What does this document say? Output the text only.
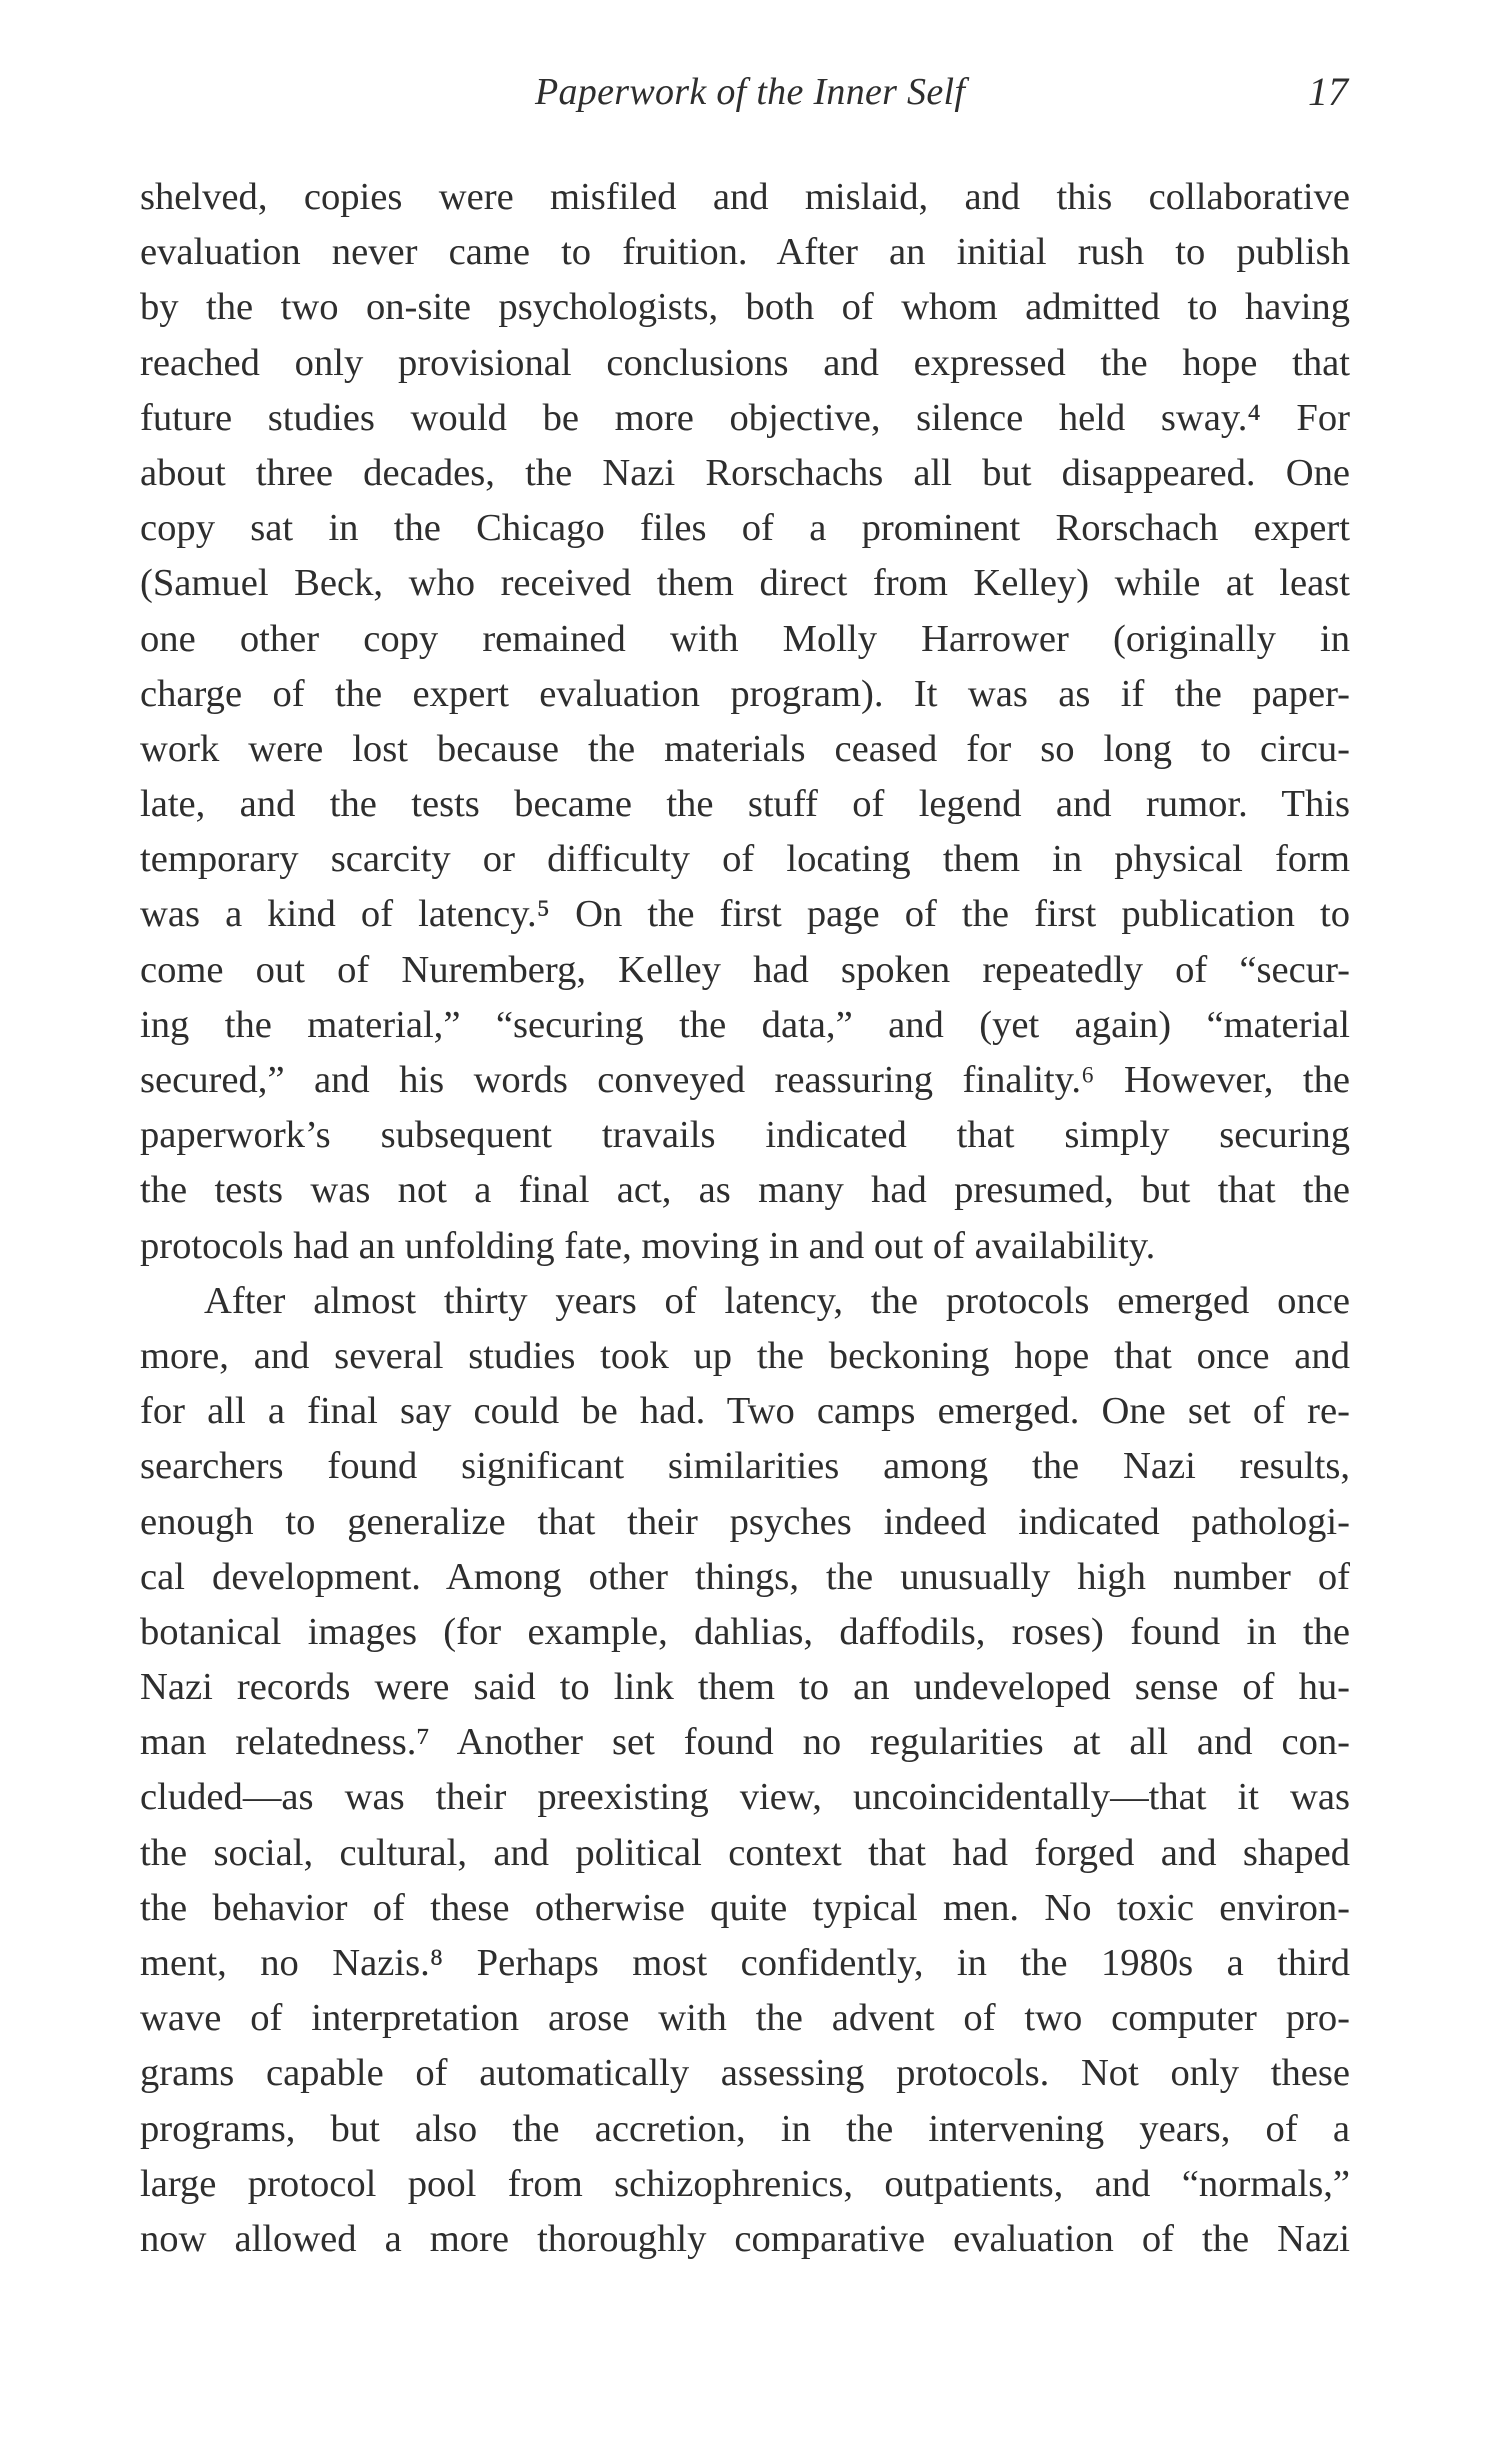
Paperwork of the Inner Self	17
shelved, copies were misfiled and mislaid, and this collaborative
evaluation never came to fruition. After an initial rush to publish
by the two on-site psychologists, both of whom admitted to having
reached only provisional conclusions and expressed the hope that
future studies would be more objective, silence held sway.⁴ For
about three decades, the Nazi Rorschachs all but disappeared. One
copy sat in the Chicago files of a prominent Rorschach expert
(Samuel Beck, who received them direct from Kelley) while at least
one other copy remained with Molly Harrower (originally in
charge of the expert evaluation program). It was as if the paper-
work were lost because the materials ceased for so long to circu-
late, and the tests became the stuff of legend and rumor. This
temporary scarcity or difficulty of locating them in physical form
was a kind of latency.⁵ On the first page of the first publication to
come out of Nuremberg, Kelley had spoken repeatedly of “secur-
ing the material,” “securing the data,” and (yet again) “material
secured,” and his words conveyed reassuring finality.⁶ However, the
paperwork’s subsequent travails indicated that simply securing
the tests was not a final act, as many had presumed, but that the
protocols had an unfolding fate, moving in and out of availability.
After almost thirty years of latency, the protocols emerged once
more, and several studies took up the beckoning hope that once and
for all a final say could be had. Two camps emerged. One set of re-
searchers found significant similarities among the Nazi results,
enough to generalize that their psyches indeed indicated pathologi-
cal development. Among other things, the unusually high number of
botanical images (for example, dahlias, daffodils, roses) found in the
Nazi records were said to link them to an undeveloped sense of hu-
man relatedness.⁷ Another set found no regularities at all and con-
cluded—as was their preexisting view, uncoincidentally—that it was
the social, cultural, and political context that had forged and shaped
the behavior of these otherwise quite typical men. No toxic environ-
ment, no Nazis.⁸ Perhaps most confidently, in the 1980s a third
wave of interpretation arose with the advent of two computer pro-
grams capable of automatically assessing protocols. Not only these
programs, but also the accretion, in the intervening years, of a
large protocol pool from schizophrenics, outpatients, and “normals,”
now allowed a more thoroughly comparative evaluation of the Nazi
